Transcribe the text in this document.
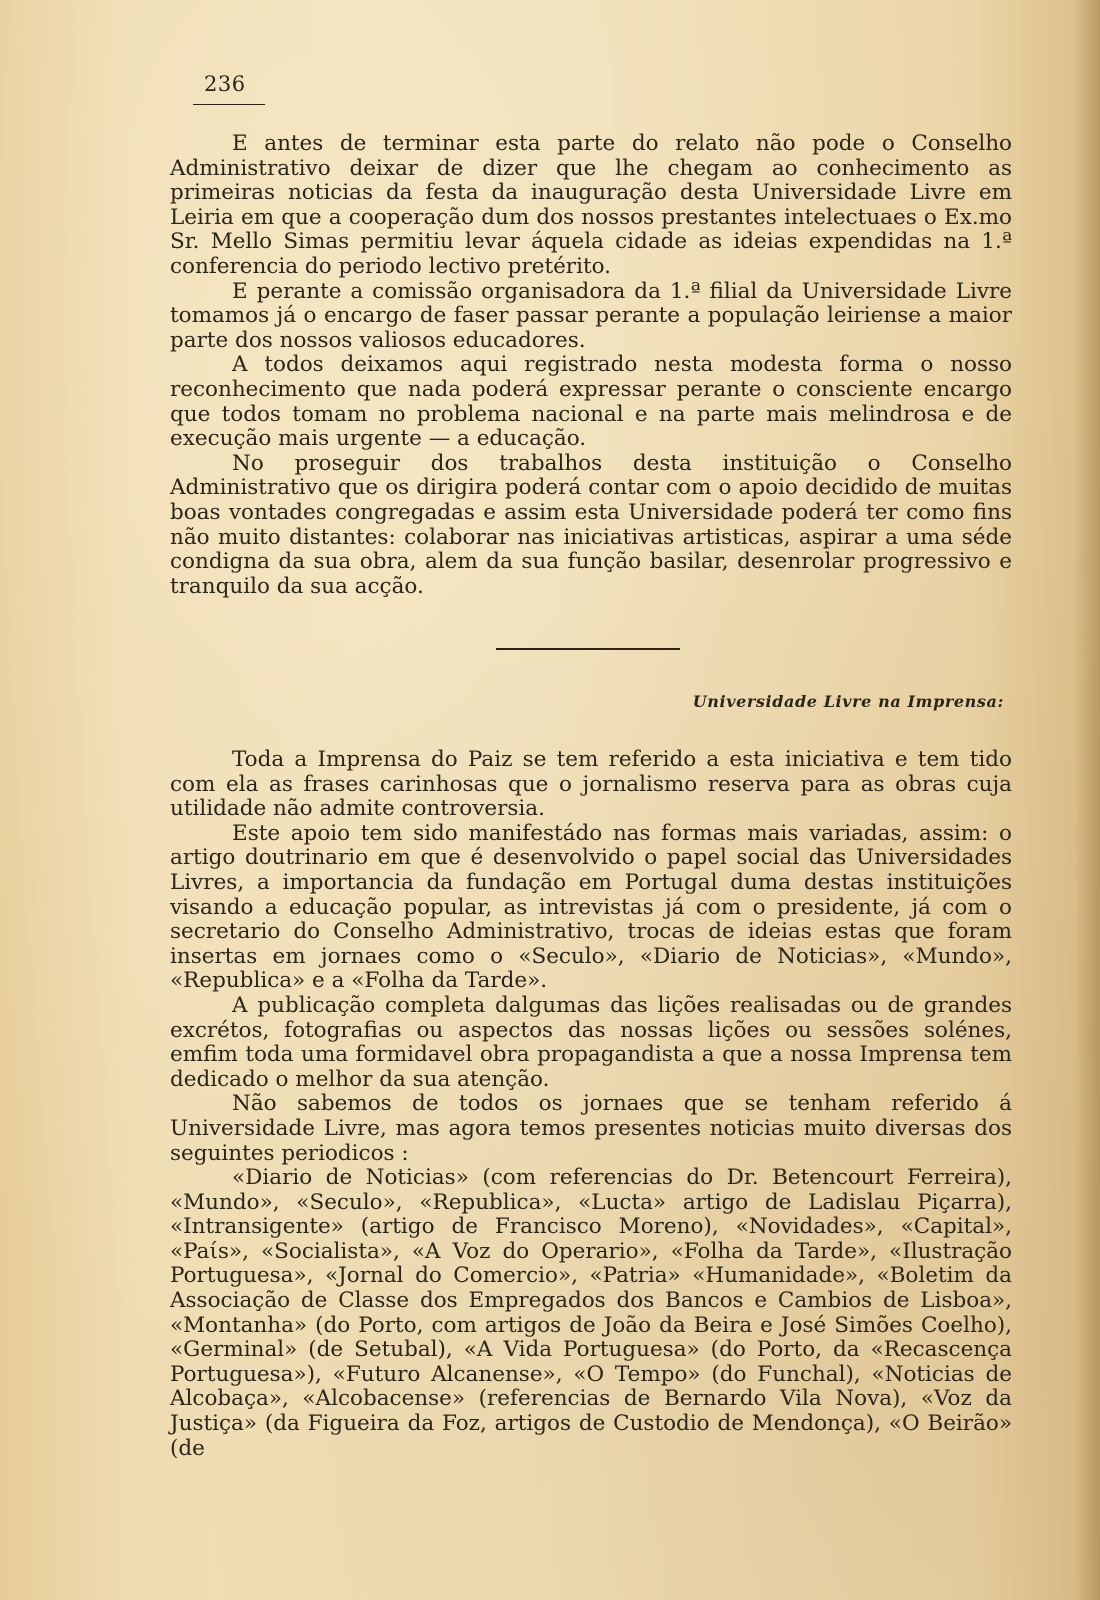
236

E antes de terminar esta parte do relato não pode o Conselho Administrativo deixar de dizer que lhe chegam ao conhecimento as primeiras noticias da festa da inauguração desta Universidade Livre em Leiria em que a cooperação dum dos nossos prestantes intelectuaes o Ex.mo Sr. Mello Simas permitiu levar áquela cidade as ideias expendidas na 1.ª conferencia do periodo lectivo pretérito.

E perante a comissão organisadora da 1.ª filial da Universidade Livre tomamos já o encargo de faser passar perante a população leiriense a maior parte dos nossos valiosos educadores.

A todos deixamos aqui registrado nesta modesta forma o nosso reconhecimento que nada poderá expressar perante o consciente encargo que todos tomam no problema nacional e na parte mais melindrosa e de execução mais urgente — a educação.

No proseguir dos trabalhos desta instituição o Conselho Administrativo que os dirigira poderá contar com o apoio decidido de muitas boas vontades congregadas e assim esta Universidade poderá ter como fins não muito distantes: colaborar nas iniciativas artisticas, aspirar a uma séde condigna da sua obra, alem da sua função basilar, desenrolar progressivo e tranquilo da sua acção.

Universidade Livre na Imprensa:

Toda a Imprensa do Paiz se tem referido a esta iniciativa e tem tido com ela as frases carinhosas que o jornalismo reserva para as obras cuja utilidade não admite controversia.

Este apoio tem sido manifestádo nas formas mais variadas, assim: o artigo doutrinario em que é desenvolvido o papel social das Universidades Livres, a importancia da fundação em Portugal duma destas instituições visando a educação popular, as intrevistas já com o presidente, já com o secretario do Conselho Administrativo, trocas de ideias estas que foram insertas em jornaes como o «Seculo», «Diario de Noticias», «Mundo», «Republica» e a «Folha da Tarde».

A publicação completa dalgumas das lições realisadas ou de grandes excrétos, fotografias ou aspectos das nossas lições ou sessões solénes, emfim toda uma formidavel obra propagandista a que a nossa Imprensa tem dedicado o melhor da sua atenção.

Não sabemos de todos os jornaes que se tenham referido á Universidade Livre, mas agora temos presentes noticias muito diversas dos seguintes periodicos :

«Diario de Noticias» (com referencias do Dr. Betencourt Ferreira), «Mundo», «Seculo», «Republica», «Lucta» artigo de Ladislau Piçarra), «Intransigente» (artigo de Francisco Moreno), «Novidades», «Capital», «Paίs», «Socialista», «A Voz do Operario», «Folha da Tarde», «Ilustração Portuguesa», «Jornal do Comercio», «Patria» «Humanidade», «Boletim da Associação de Classe dos Empregados dos Bancos e Cambios de Lisboa», «Montanha» (do Porto, com artigos de João da Beira e José Simões Coelho), «Germinal» (de Setubal), «A Vida Portuguesa» (do Porto, da «Recascença Portuguesa»), «Futuro Alcanense», «O Tempo» (do Funchal), «Noticias de Alcobaça», «Alcobacense» (referencias de Bernardo Vila Nova), «Voz da Justiça» (da Figueira da Foz, artigos de Custodio de Mendonça), «O Beirão» (de
